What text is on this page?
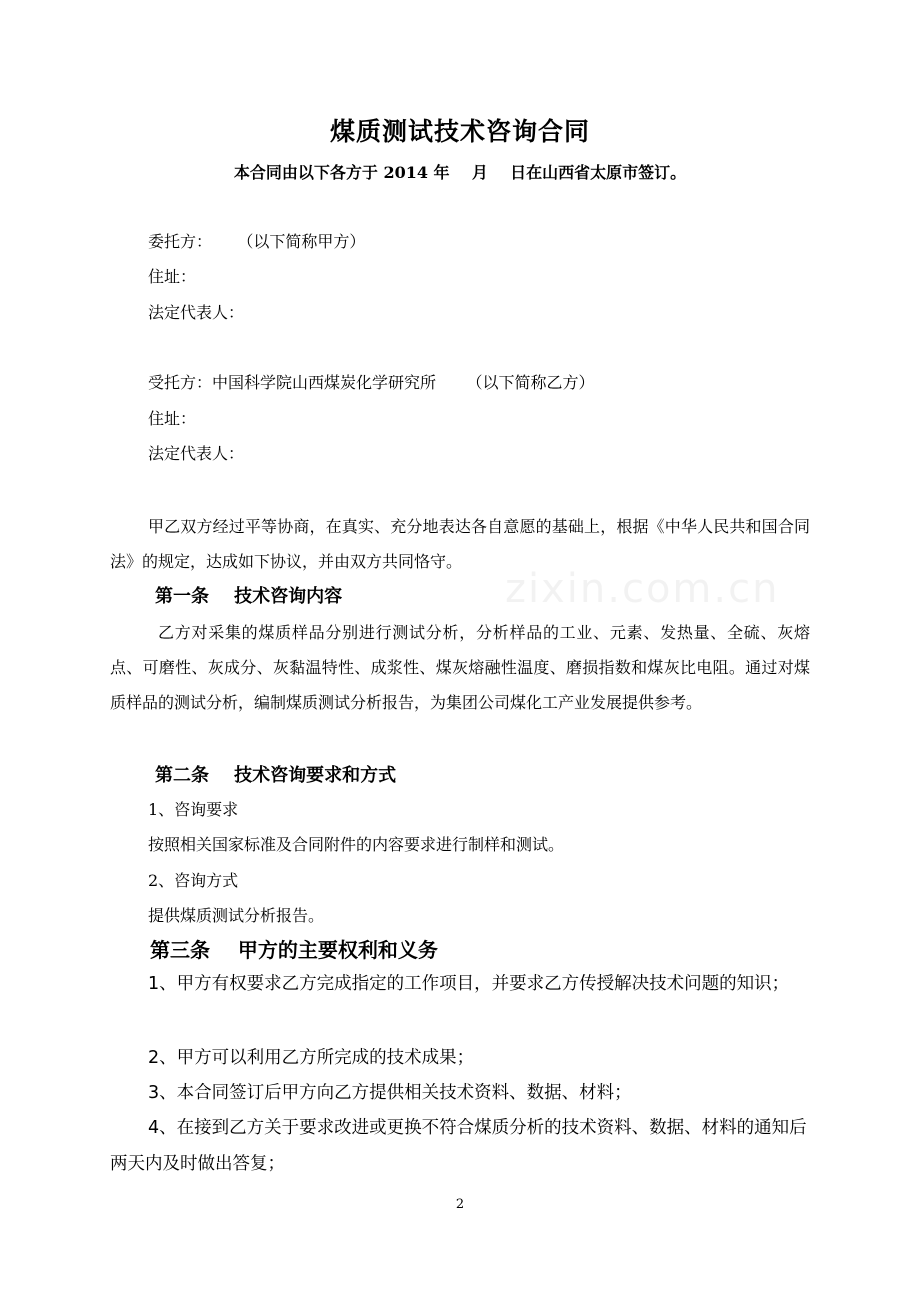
zixin.com.cn
煤质测试技术咨询合同
本合同由以下各方于 2014 年    月    日在山西省太原市签订。
委托方：     （以下简称甲方）
住址：
法定代表人：
受托方：中国科学院山西煤炭化学研究所      （以下简称乙方）
住址：
法定代表人：
甲乙双方经过平等协商，在真实、充分地表达各自意愿的基础上，根据《中华人民共和国合同法》的规定，达成如下协议，并由双方共同恪守。
第一条    技术咨询内容
乙方对采集的煤质样品分别进行测试分析，分析样品的工业、元素、发热量、全硫、灰熔点、可磨性、灰成分、灰黏温特性、成浆性、煤灰熔融性温度、磨损指数和煤灰比电阻。通过对煤质样品的测试分析，编制煤质测试分析报告，为集团公司煤化工产业发展提供参考。
第二条    技术咨询要求和方式
1、咨询要求
按照相关国家标准及合同附件的内容要求进行制样和测试。
2、咨询方式
提供煤质测试分析报告。
第三条    甲方的主要权利和义务
1、甲方有权要求乙方完成指定的工作项目，并要求乙方传授解决技术问题的知识；
2、甲方可以利用乙方所完成的技术成果；
3、本合同签订后甲方向乙方提供相关技术资料、数据、材料；
4、在接到乙方关于要求改进或更换不符合煤质分析的技术资料、数据、材料的通知后两天内及时做出答复；
2
